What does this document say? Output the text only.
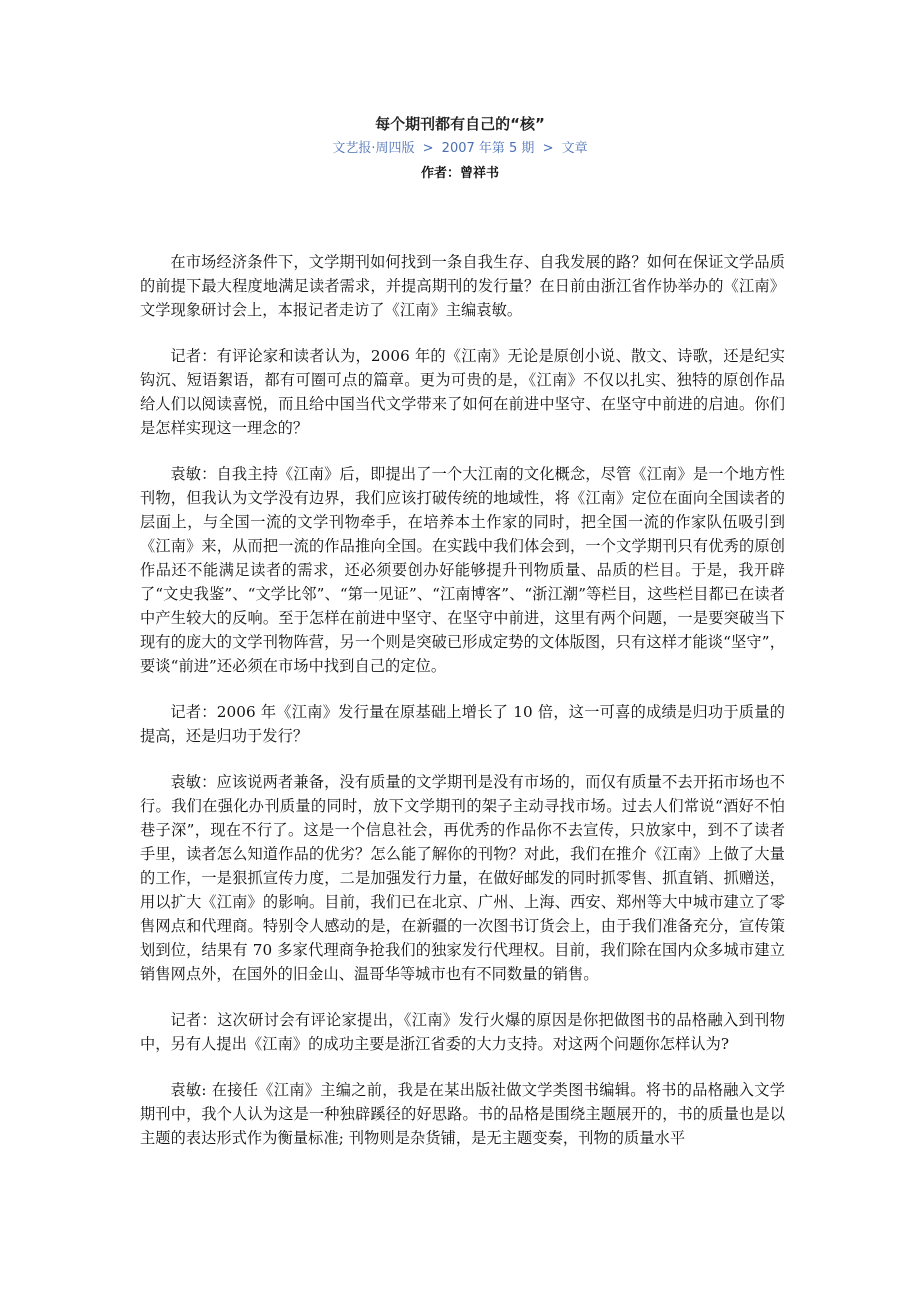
每个期刊都有自己的“核”
文艺报·周四版 > 2007 年第 5 期 > 文章
作者：曾祥书

在市场经济条件下，文学期刊如何找到一条自我生存、自我发展的路？如何在保证文学品质的前提下最大程度地满足读者需求，并提高期刊的发行量？在日前由浙江省作协举办的《江南》文学现象研讨会上，本报记者走访了《江南》主编袁敏。

记者：有评论家和读者认为，2006 年的《江南》无论是原创小说、散文、诗歌，还是纪实钩沉、短语絮语，都有可圈可点的篇章。更为可贵的是，《江南》不仅以扎实、独特的原创作品给人们以阅读喜悦，而且给中国当代文学带来了如何在前进中坚守、在坚守中前进的启迪。你们是怎样实现这一理念的？

袁敏：自我主持《江南》后，即提出了一个大江南的文化概念，尽管《江南》是一个地方性刊物，但我认为文学没有边界，我们应该打破传统的地域性，将《江南》定位在面向全国读者的层面上，与全国一流的文学刊物牵手，在培养本土作家的同时，把全国一流的作家队伍吸引到《江南》来，从而把一流的作品推向全国。在实践中我们体会到，一个文学期刊只有优秀的原创作品还不能满足读者的需求，还必须要创办好能够提升刊物质量、品质的栏目。于是，我开辟了“文史我鉴”、“文学比邻”、“第一见证”、“江南博客”、“浙江潮”等栏目，这些栏目都已在读者中产生较大的反响。至于怎样在前进中坚守、在坚守中前进，这里有两个问题，一是要突破当下现有的庞大的文学刊物阵营，另一个则是突破已形成定势的文体版图，只有这样才能谈“坚守”，要谈“前进”还必须在市场中找到自己的定位。

记者：2006 年《江南》发行量在原基础上增长了 10 倍，这一可喜的成绩是归功于质量的提高，还是归功于发行？

袁敏：应该说两者兼备，没有质量的文学期刊是没有市场的，而仅有质量不去开拓市场也不行。我们在强化办刊质量的同时，放下文学期刊的架子主动寻找市场。过去人们常说“酒好不怕巷子深”，现在不行了。这是一个信息社会，再优秀的作品你不去宣传，只放家中，到不了读者手里，读者怎么知道作品的优劣？怎么能了解你的刊物？对此，我们在推介《江南》上做了大量的工作，一是狠抓宣传力度，二是加强发行力量，在做好邮发的同时抓零售、抓直销、抓赠送，用以扩大《江南》的影响。目前，我们已在北京、广州、上海、西安、郑州等大中城市建立了零售网点和代理商。特别令人感动的是，在新疆的一次图书订货会上，由于我们准备充分，宣传策划到位，结果有 70 多家代理商争抢我们的独家发行代理权。目前，我们除在国内众多城市建立销售网点外，在国外的旧金山、温哥华等城市也有不同数量的销售。

记者：这次研讨会有评论家提出，《江南》发行火爆的原因是你把做图书的品格融入到刊物中，另有人提出《江南》的成功主要是浙江省委的大力支持。对这两个问题你怎样认为?

袁敏: 在接任《江南》主编之前，我是在某出版社做文学类图书编辑。将书的品格融入文学期刊中，我个人认为这是一种独辟蹊径的好思路。书的品格是围绕主题展开的，书的质量也是以主题的表达形式作为衡量标准; 刊物则是杂货铺，是无主题变奏，刊物的质量水平
